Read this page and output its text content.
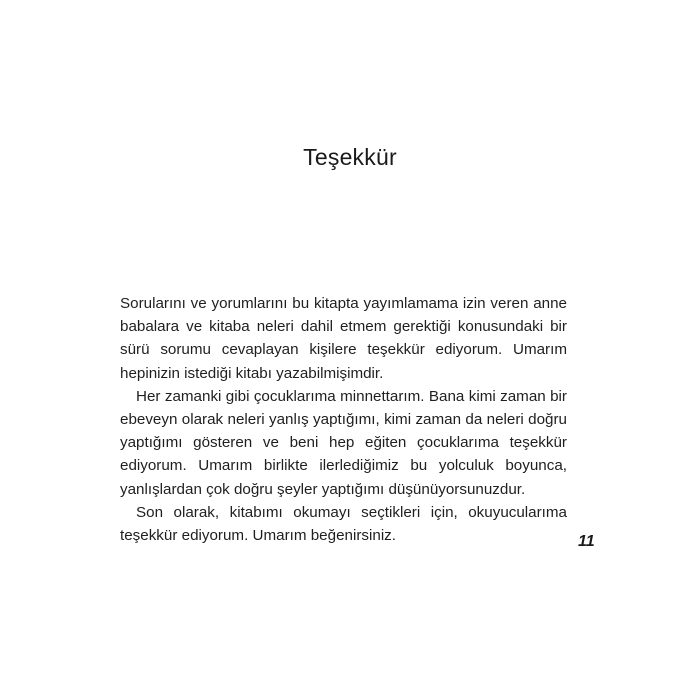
Teşekkür

Sorularını ve yorumlarını bu kitapta yayımlamama izin veren anne babalara ve kitaba neleri dahil etmem gerektiği konusundaki bir sürü sorumu cevaplayan kişilere teşekkür ediyorum. Umarım hepinizin istediği kitabı yazabilmişimdir.

Her zamanki gibi çocuklarıma minnettarım. Bana kimi zaman bir ebeveyn olarak neleri yanlış yaptığımı, kimi zaman da neleri doğru yaptığımı gösteren ve beni hep eğiten çocuklarıma teşekkür ediyorum. Umarım birlikte ilerlediğimiz bu yolculuk boyunca, yanlışlardan çok doğru şeyler yaptığımı düşünüyorsunuzdur.

Son olarak, kitabımı okumayı seçtikleri için, okuyucularıma teşekkür ediyorum. Umarım beğenirsiniz.	11
